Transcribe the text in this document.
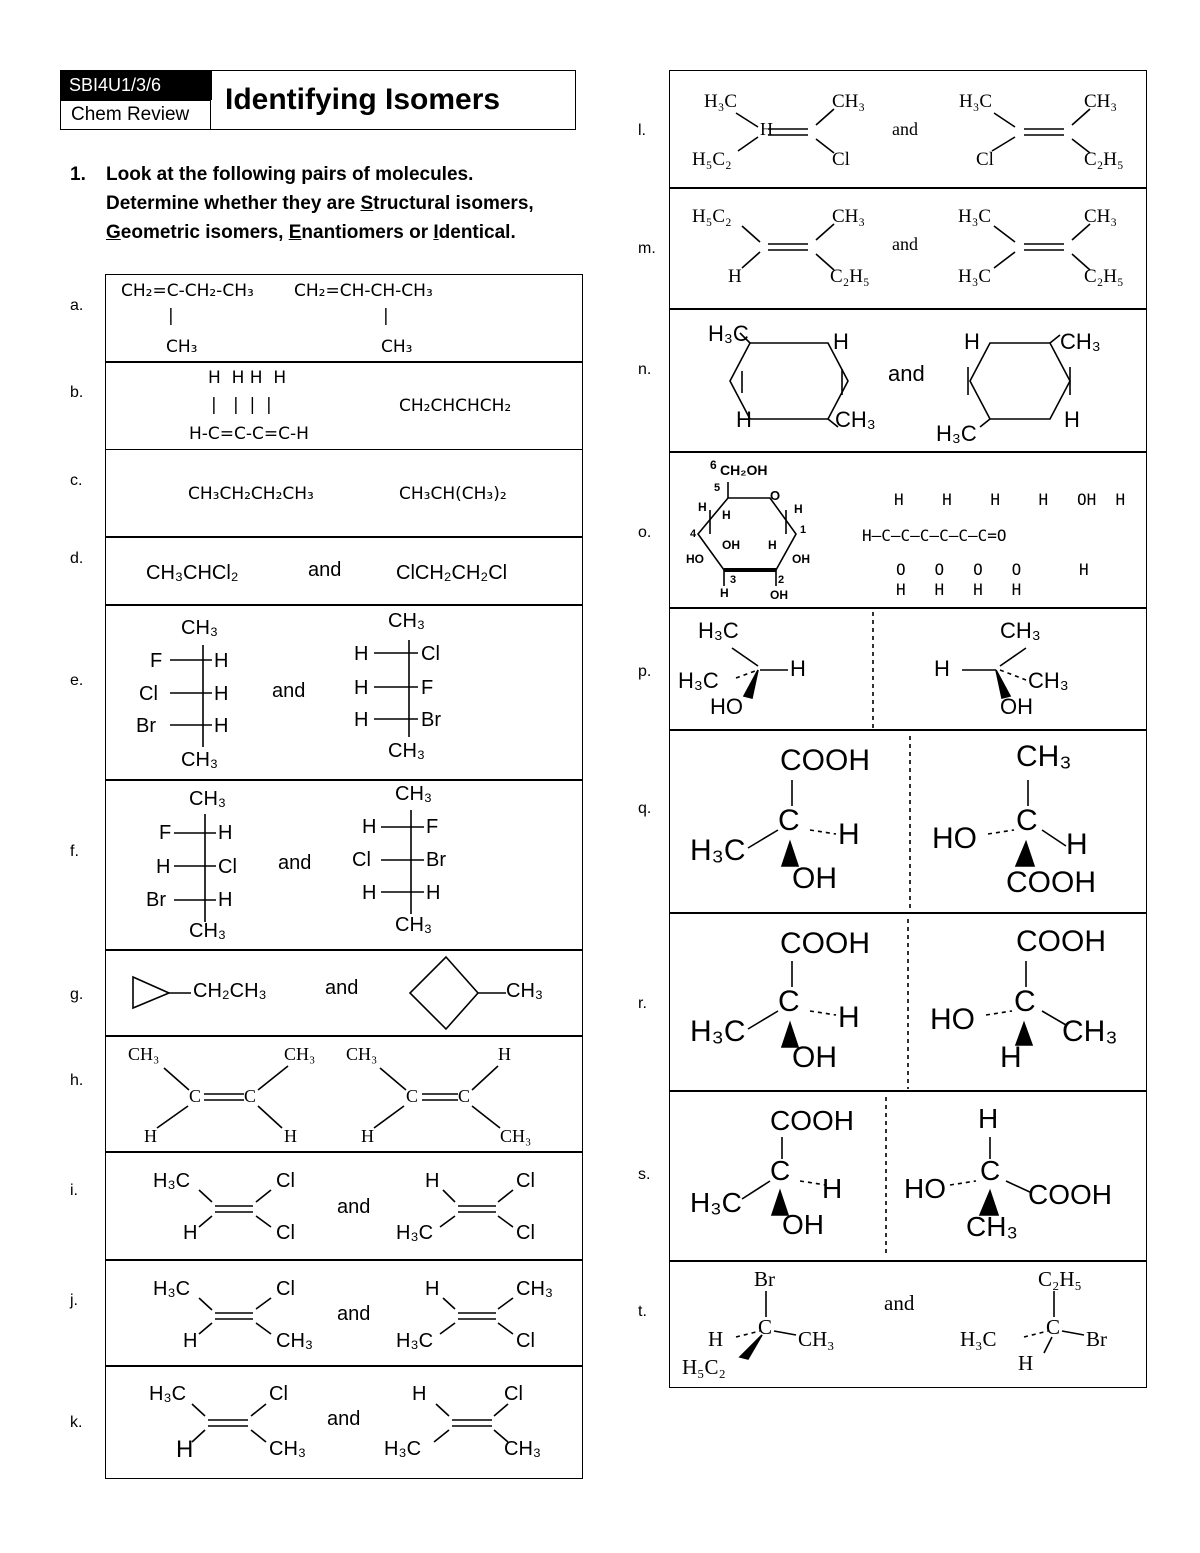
SBI4U1/3/6
Chem Review	Identifying Isomers
1. Look at the following pairs of molecules.
Determine whether they are Structural isomers,
Geometric isomers, Enantiomers or Identical.
a.
b.
c.
d.
e.
f.
g.
h.
i.
j.
k.
l.
m.
n.
o.
p.
q.
r.
s.
t.
CH₂=C-CH₂-CH₃
|
CH₃
CH₂=CH-CH-CH₃
|
CH₃
H  H H  H
|   |  |  |
H-C=C-C=C-H
CH₂CHCHCH₂
CH₃CH₂CH₂CH₃	CH₃CH(CH₃)₂
CH₃CHCl₂	and	ClCH₂CH₂Cl
CH₃
F	H
Cl	H
Br	H
CH₃
and
CH₃
H	Cl
H	F
H	Br
CH₃
CH₃
F H
H Cl
Br	H
CH₃
and
CH₃
H F
Cl	Br
H H
CH₃
CH₂CH₃	and	CH₃
CH₃	CH₃
H	H
C C
CH₃	H
H	CH₃
C C
H₃C	Cl
H	Cl
and
H	Cl
H₃C	Cl
H₃C	Cl
H	CH₃
and
H	CH₃
H₃C	Cl
H₃C	Cl
H	CH₃
and
H	Cl
H₃C	CH₃
H₃C	CH₃
H₅C₂	Cl
H	and
H₃C	CH₃
Cl	C₂H₅
H₅C₂	CH₃
H	C₂H₅
and
H₃C	CH₃
H₃C	C₂H₅
H₃C	H
H	CH₃
and
H	CH₃
H₃C
H
6 CH₂OH
5	O
H
H	H
4	1
OH H
HO	OH
3	2
H	OH
H    H    H    H   OH  H
H–C–C–C–C–C–C=O
O   O   O   O      H
H   H   H   H
H₃C
H₃C	H
HO
CH₃
H	CH₃
OH
COOH
C H
H₃C
OH
CH₃
HO
C
H
COOH
COOH
C H
H₃C
OH
COOH
HO
C
CH₃
H
COOH
C
H
H₃C
OH
H
HO
C
COOH
CH₃
Br
H C CH₃
H₅C₂
and
C₂H₅
H₃C C Br
H
